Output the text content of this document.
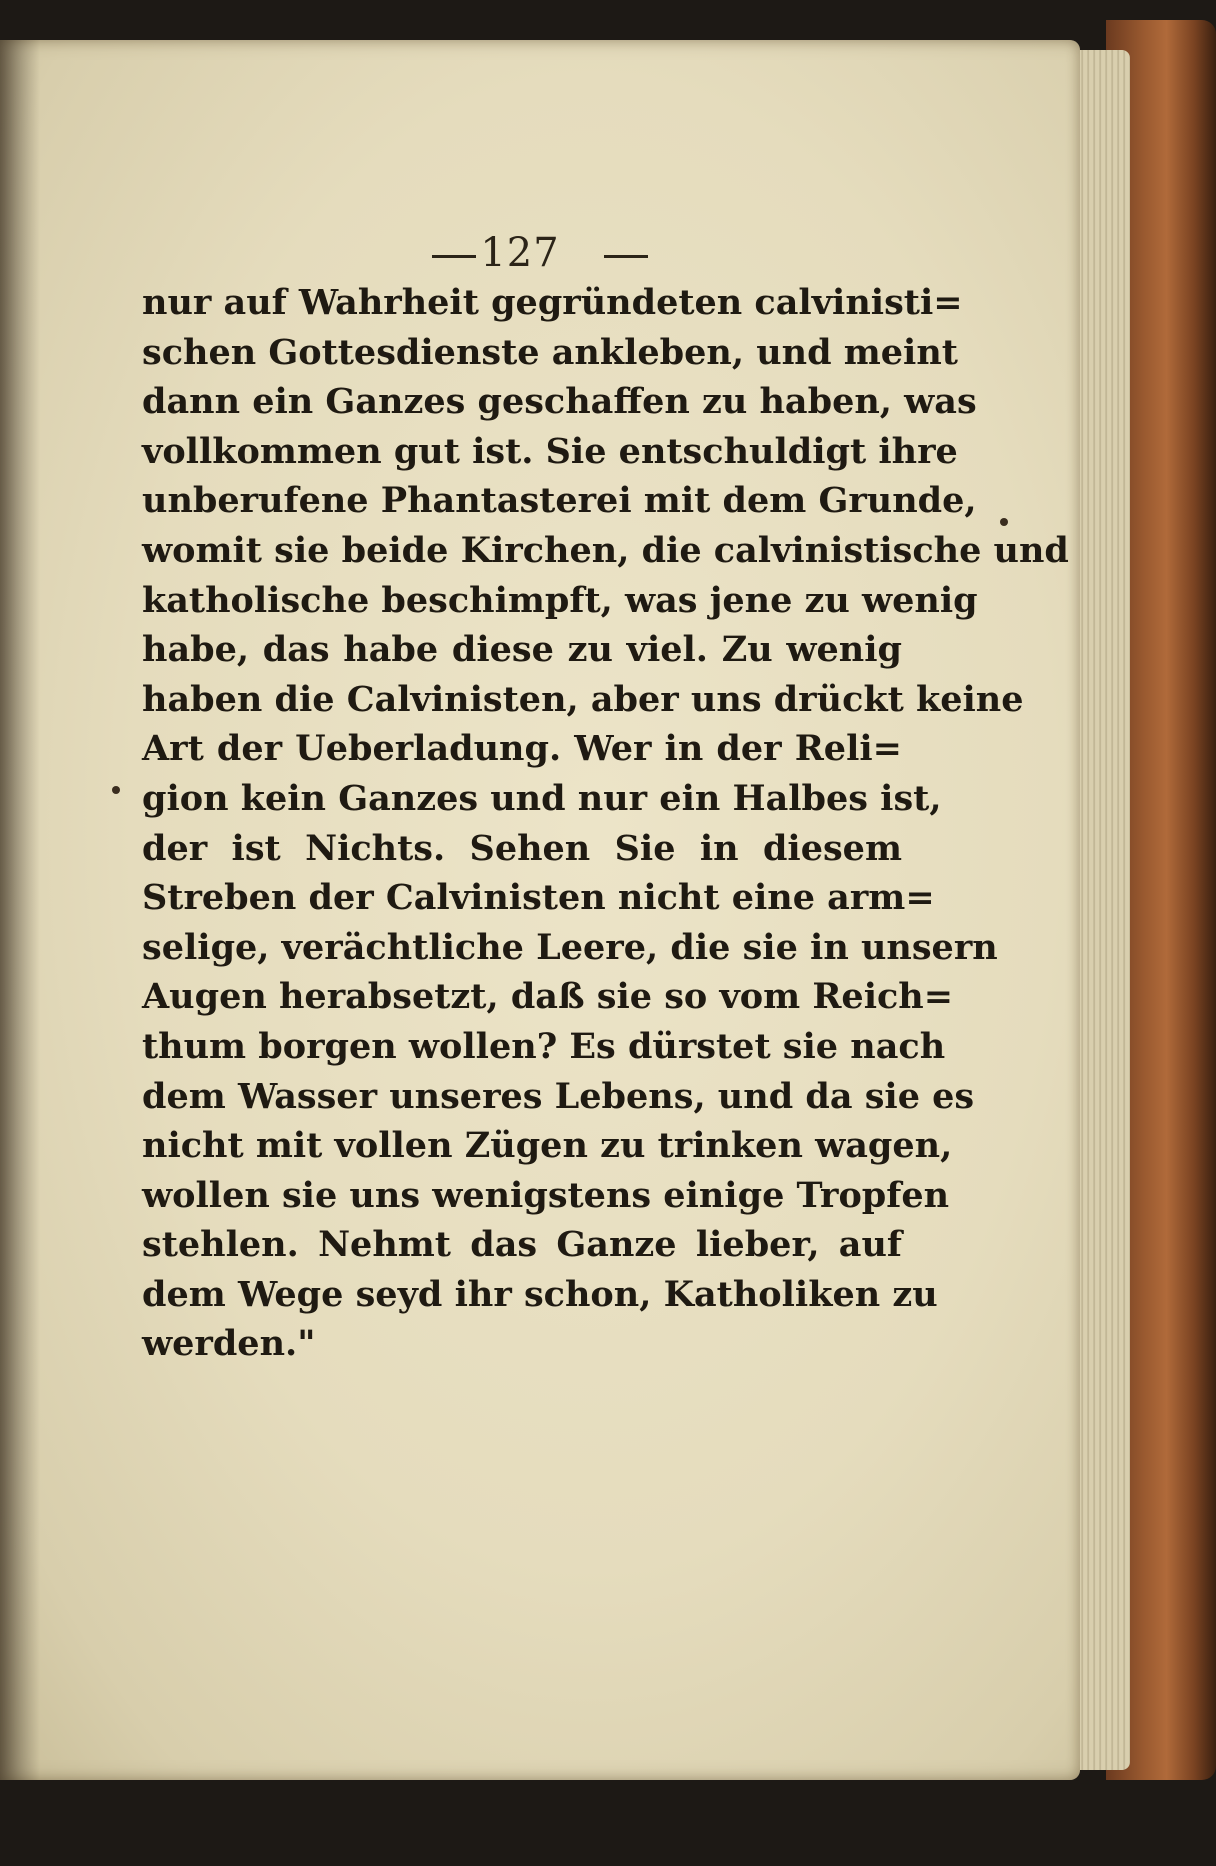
127
nur auf Wahrheit gegründeten calvinisti=
schen Gottesdienste ankleben, und meint
dann ein Ganzes geschaffen zu haben, was
vollkommen gut ist. Sie entschuldigt ihre
unberufene Phantasterei mit dem Grunde,
womit sie beide Kirchen, die calvinistische und
katholische beschimpft, was jene zu wenig
habe, das habe diese zu viel. Zu wenig
haben die Calvinisten, aber uns drückt keine
Art der Ueberladung. Wer in der Reli=
gion kein Ganzes und nur ein Halbes ist,
der ist Nichts. Sehen Sie in diesem
Streben der Calvinisten nicht eine arm=
selige, verächtliche Leere, die sie in unsern
Augen herabsetzt, daß sie so vom Reich=
thum borgen wollen? Es dürstet sie nach
dem Wasser unseres Lebens, und da sie es
nicht mit vollen Zügen zu trinken wagen,
wollen sie uns wenigstens einige Tropfen
stehlen. Nehmt das Ganze lieber, auf
dem Wege seyd ihr schon, Katholiken zu
werden."
